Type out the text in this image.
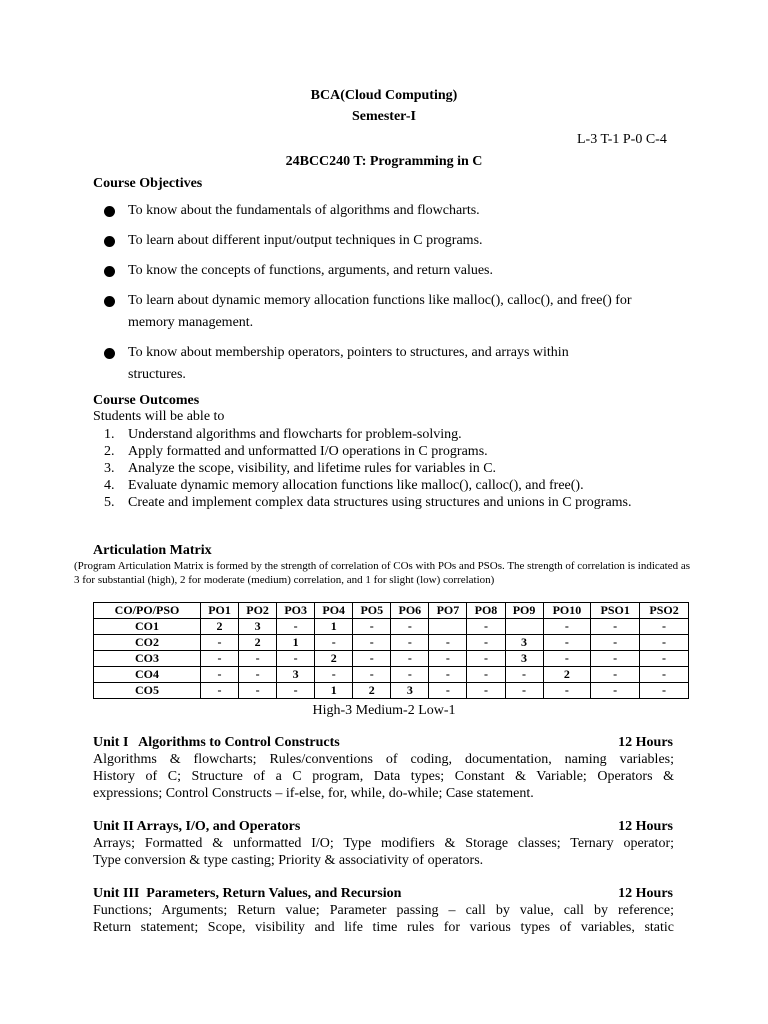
BCA(Cloud Computing)
Semester-I
L-3 T-1 P-0 C-4
24BCC240 T: Programming in C
Course Objectives
To know about the fundamentals of algorithms and flowcharts.
To learn about different input/output techniques in C programs.
To know the concepts of functions, arguments, and return values.
To learn about dynamic memory allocation functions like malloc(), calloc(), and free() for memory management.
To know about membership operators, pointers to structures, and arrays within structures.
Course Outcomes
Students will be able to
1. Understand algorithms and flowcharts for problem-solving.
2. Apply formatted and unformatted I/O operations in C programs.
3. Analyze the scope, visibility, and lifetime rules for variables in C.
4. Evaluate dynamic memory allocation functions like malloc(), calloc(), and free().
5. Create and implement complex data structures using structures and unions in C programs.
Articulation Matrix
(Program Articulation Matrix is formed by the strength of correlation of COs with POs and PSOs. The strength of correlation is indicated as 3 for substantial (high), 2 for moderate (medium) correlation, and 1 for slight (low) correlation)
CO/PO/PSO	PO1	PO2	PO3	PO4	PO5	PO6	PO7	PO8	PO9	PO10	PSO1	PSO2
CO1	2	3	-	1	-	-		-		-	-	-
CO2	-	2	1	-	-	-	-	-	3	-	-	-
CO3	-	-	-	2	-	-	-	-	3	-	-	-
CO4	-	-	3	-	-	-	-	-	-	2	-	-
CO5	-	-	-	1	2	3	-	-	-	-	-	-
High-3 Medium-2 Low-1
Unit I   Algorithms to Control Constructs	12 Hours
Algorithms & flowcharts; Rules/conventions of coding, documentation, naming variables;
History of C; Structure of a C program, Data types; Constant & Variable; Operators &
expressions; Control Constructs – if-else, for, while, do-while; Case statement.
Unit II Arrays, I/O, and Operators	12 Hours
Arrays; Formatted & unformatted I/O; Type modifiers & Storage classes; Ternary operator;
Type conversion & type casting; Priority & associativity of operators.
Unit III  Parameters, Return Values, and Recursion	12 Hours
Functions; Arguments; Return value; Parameter passing – call by value, call by reference;
Return statement; Scope, visibility and life time rules for various types of variables, static
